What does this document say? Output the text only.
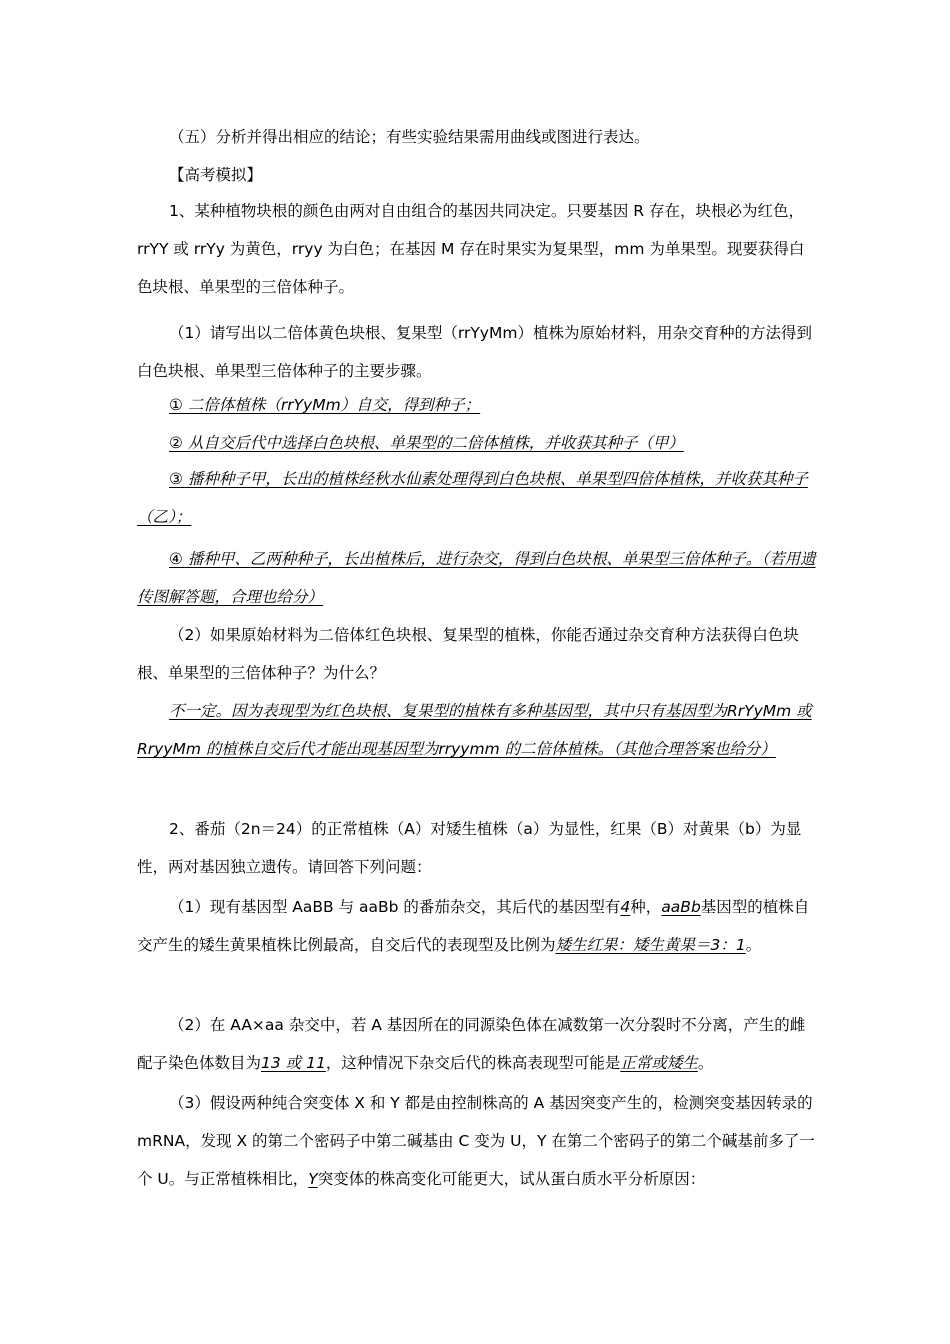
（五）分析并得出相应的结论；有些实验结果需用曲线或图进行表达。

【高考模拟】

1、某种植物块根的颜色由两对自由组合的基因共同决定。只要基因 R 存在，块根必为红色，rrYY 或 rrYy 为黄色，rryy 为白色；在基因 M 存在时果实为复果型，mm 为单果型。现要获得白色块根、单果型的三倍体种子。

（1）请写出以二倍体黄色块根、复果型（rrYyMm）植株为原始材料，用杂交育种的方法得到白色块根、单果型三倍体种子的主要步骤。

① 二倍体植株（rrYyMm）自交，得到种子；

② 从自交后代中选择白色块根、单果型的二倍体植株，并收获其种子（甲）

③ 播种种子甲，长出的植株经秋水仙素处理得到白色块根、单果型四倍体植株，并收获其种子（乙）；

④ 播种甲、乙两种种子，长出植株后，进行杂交，得到白色块根、单果型三倍体种子。（若用遗传图解答题，合理也给分）

（2）如果原始材料为二倍体红色块根、复果型的植株，你能否通过杂交育种方法获得白色块根、单果型的三倍体种子？为什么？

不一定。因为表现型为红色块根、复果型的植株有多种基因型，其中只有基因型为RrYyMm 或 RryyMm 的植株自交后代才能出现基因型为rryymm 的二倍体植株。（其他合理答案也给分）

2、番茄（2n＝24）的正常植株（A）对矮生植株（a）为显性，红果（B）对黄果（b）为显性，两对基因独立遗传。请回答下列问题：

（1）现有基因型 AaBB 与 aaBb 的番茄杂交，其后代的基因型有4种，aaBb基因型的植株自交产生的矮生黄果植株比例最高，自交后代的表现型及比例为矮生红果：矮生黄果＝3：1。

（2）在 AA×aa 杂交中，若 A 基因所在的同源染色体在减数第一次分裂时不分离，产生的雌配子染色体数目为13 或 11，这种情况下杂交后代的株高表现型可能是正常或矮生。

（3）假设两种纯合突变体 X 和 Y 都是由控制株高的 A 基因突变产生的，检测突变基因转录的 mRNA，发现 X 的第二个密码子中第二碱基由 C 变为 U，Y 在第二个密码子的第二个碱基前多了一个 U。与正常植株相比，Y突变体的株高变化可能更大，试从蛋白质水平分析原因：
